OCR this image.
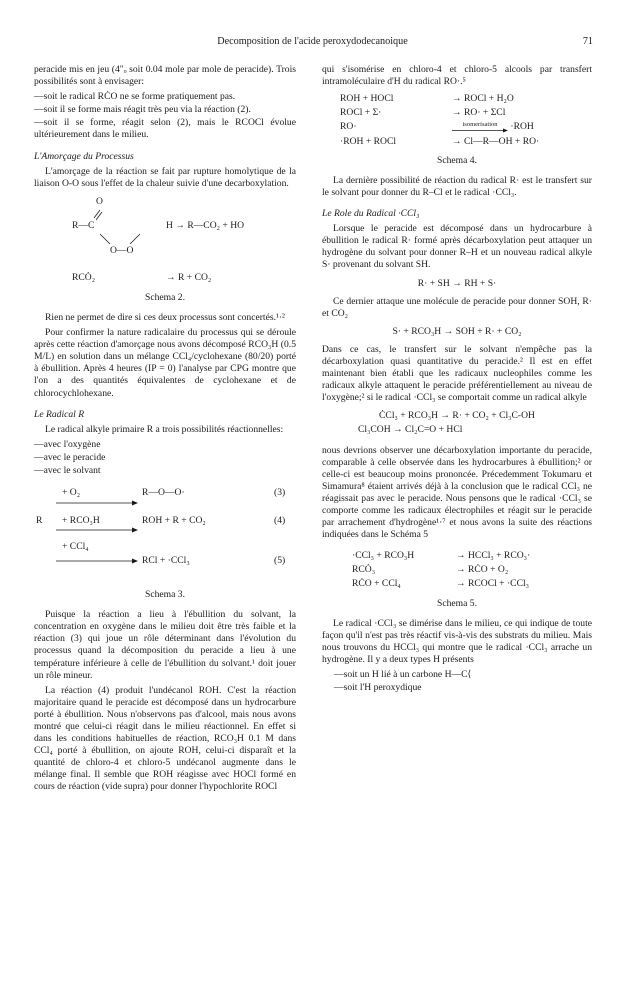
Decomposition de l'acide peroxydodecanoique	71

peracide mis en jeu (4"ₒ soit 0.04 mole par mole de peracide). Trois possibilités sont à envisager:

—soit le radical RĊO ne se forme pratiquement pas.

—soit il se forme mais réagit très peu via la réaction (2).

—soit il se forme, réagit selon (2), mais le RCOCl évolue ultérieurement dans le milieu.

L'Amorçage du Processus

L'amorçage de la réaction se fait par rupture homolytique de la liaison O-O sous l'effet de la chaleur suivie d'une decarboxylation.

O
R—C	H → R—CO₂ + HO
O—O
RCȮ₂	→ R + CO₂
Schema 2.

Rien ne permet de dire si ces deux processus sont concertés.¹·²

Pour confirmer la nature radicalaire du processus qui se déroule après cette réaction d'amorçage nous avons décomposé RCO₃H (0.5 M/L) en solution dans un mélange CCl₄/cyclohexane (80/20) porté à ébullition. Après 4 heures (IP = 0) l'analyse par CPG montre que l'on a des quantités équivalentes de cyclohexane et de chlorocychlohexane.

Le Radical R

Le radical alkyle primaire R a trois possibilités réactionnelles:

—avec l'oxygène

—avec le peracide

—avec le solvant

+ O₂	R—O—O·	(3)
R + RCO₃H	ROH + R + CO₂	(4)
+ CCl₄
RCl + ·CCl₃	(5)
Schema 3.

Puisque la réaction a lieu à l'ébullition du solvant, la concentration en oxygène dans le milieu doit être très faible et la réaction (3) qui joue un rôle déterminant dans l'évolution du processus quand la décomposition du peracide a lieu à une température inférieure à celle de l'ébullition du solvant.¹ doit jouer un rôle mineur.

La réaction (4) produit l'undécanol ROH. C'est la réaction majoritaire quand le peracide est décomposé dans un hydrocarbure porté à ébullition. Nous n'observons pas d'alcool, mais nous avons montré que celui-ci réagit dans le milieu réactionnel. En effet si dans les conditions habituelles de réaction, RCO₃H 0.1 M dans CCl₄ porté à ébullition, on ajoute ROH, celui-ci disparaît et la quantité de chloro-4 et chloro-5 undécanol augmente dans le mélange final. Il semble que ROH réagisse avec HOCl formé en cours de réaction (vide supra) pour donner l'hypochlorite ROCl

qui s'isomérise en chloro-4 et chloro-5 alcools par transfert intramoléculaire d'H du radical RO·.⁵

ROH + HOCl	→ ROCl + H₂O
ROCl + Σ·	→ RO· + ΣCl
RO·	isomerisation ·ROH
·ROH + ROCl	→ Cl—R—OH + RO·
Schema 4.

La dernière possibilité de réaction du radical R· est le transfert sur le solvant pour donner du R–Cl et le radical ·CCl₃.

Le Role du Radical ·CCl₃

Lorsque le peracide est décomposé dans un hydrocarbure à ébullition le radical R· formé après décarboxylation peut attaquer un hydrogène du solvant pour donner R–H et un nouveau radical alkyle S· provenant du solvant SH.

R· + SH → RH + S·

Ce dernier attaque une molécule de peracide pour donner SOH, R· et CO₂

S· + RCO₃H → SOH + R· + CO₂

Dans ce cas, le transfert sur le solvant n'empêche pas la décarboxylation quasi quantitative du peracide.² Il est en effet maintenant bien établi que les radicaux nucleophiles comme les radicaux alkyle attaquent le peracide préférentiellement au niveau de l'oxygène;² si le radical ·CCl₃ se comportait comme un radical alkyle

ĊCl₃ + RCO₃H → R· + CO₂ + Cl₃C-OH
Cl₃COH → Cl₂C=O + HCl

nous devrions observer une décarboxylation importante du peracide, comparable à celle observée dans les hydrocarbures à ébullition;² or celle-ci est beaucoup moins prononcée. Précedemment Tokumaru et Simamura⁸ étaient arrivés déjà à la conclusion que le radical CCl₃ ne réagissait pas avec le peracide. Nous pensons que le radical ·CCl₃ se comporte comme les radicaux électrophiles et réagit sur le peracide par arrachement d'hydrogène¹·⁷ et nous avons la suite des réactions indiquées dans le Schéma 5

·CCl₃ + RCO₃H	→ HCCl₃ + RCO₃·
RCȮ₃	→ RĊO + O₂
RĊO + CCl₄	→ RCOCl + ·CCl₃
Schema 5.

Le radical ·CCl₃ se dimérise dans le milieu, ce qui indique de toute façon qu'il n'est pas très réactif vis-à-vis des substrats du milieu. Mais nous trouvons du HCCl₃ qui montre que le radical ·CCl₃ arrache un hydrogène. Il y a deux types H présents

—soit un H lié à un carbone H—C⟨

—soit l'H peroxydique
